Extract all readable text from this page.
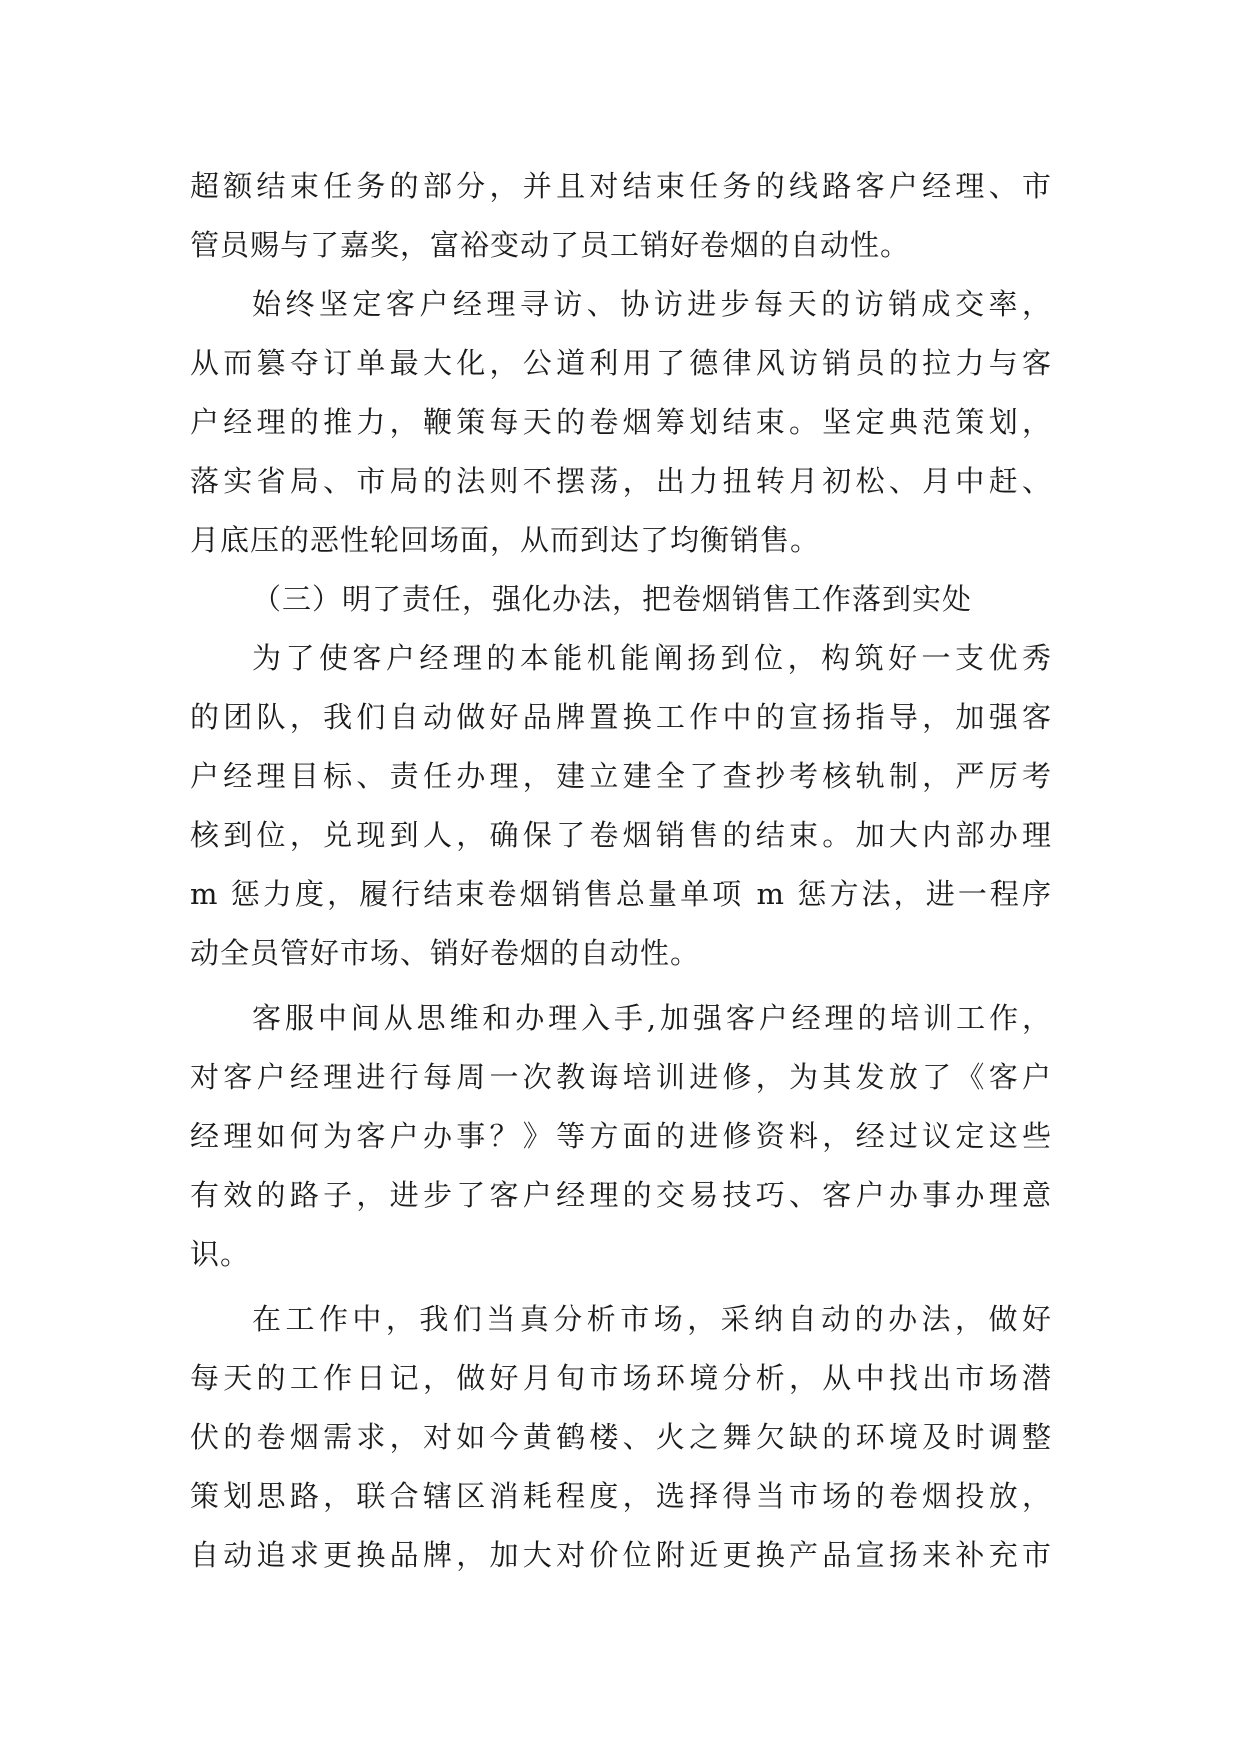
超额结束任务的部分，并且对结束任务的线路客户经理、市
管员赐与了嘉奖，富裕变动了员工销好卷烟的自动性。
始终坚定客户经理寻访、协访进步每天的访销成交率，
从而篡夺订单最大化，公道利用了德律风访销员的拉力与客
户经理的推力，鞭策每天的卷烟筹划结束。坚定典范策划，
落实省局、市局的法则不摆荡，出力扭转月初松、月中赶、
月底压的恶性轮回场面，从而到达了均衡销售。
（三）明了责任，强化办法，把卷烟销售工作落到实处
为了使客户经理的本能机能阐扬到位，构筑好一支优秀
的团队，我们自动做好品牌置换工作中的宣扬指导，加强客
户经理目标、责任办理，建立建全了查抄考核轨制，严厉考
核到位，兑现到人，确保了卷烟销售的结束。加大内部办理
m 惩力度，履行结束卷烟销售总量单项 m 惩方法，进一程序
动全员管好市场、销好卷烟的自动性。
客服中间从思维和办理入手,加强客户经理的培训工作，
对客户经理进行每周一次教诲培训进修，为其发放了《客户
经理如何为客户办事？》等方面的进修资料，经过议定这些
有效的路子，进步了客户经理的交易技巧、客户办事办理意
识。
在工作中，我们当真分析市场，采纳自动的办法，做好
每天的工作日记，做好月旬市场环境分析，从中找出市场潜
伏的卷烟需求，对如今黄鹤楼、火之舞欠缺的环境及时调整
策划思路，联合辖区消耗程度，选择得当市场的卷烟投放，
自动追求更换品牌，加大对价位附近更换产品宣扬来补充市
